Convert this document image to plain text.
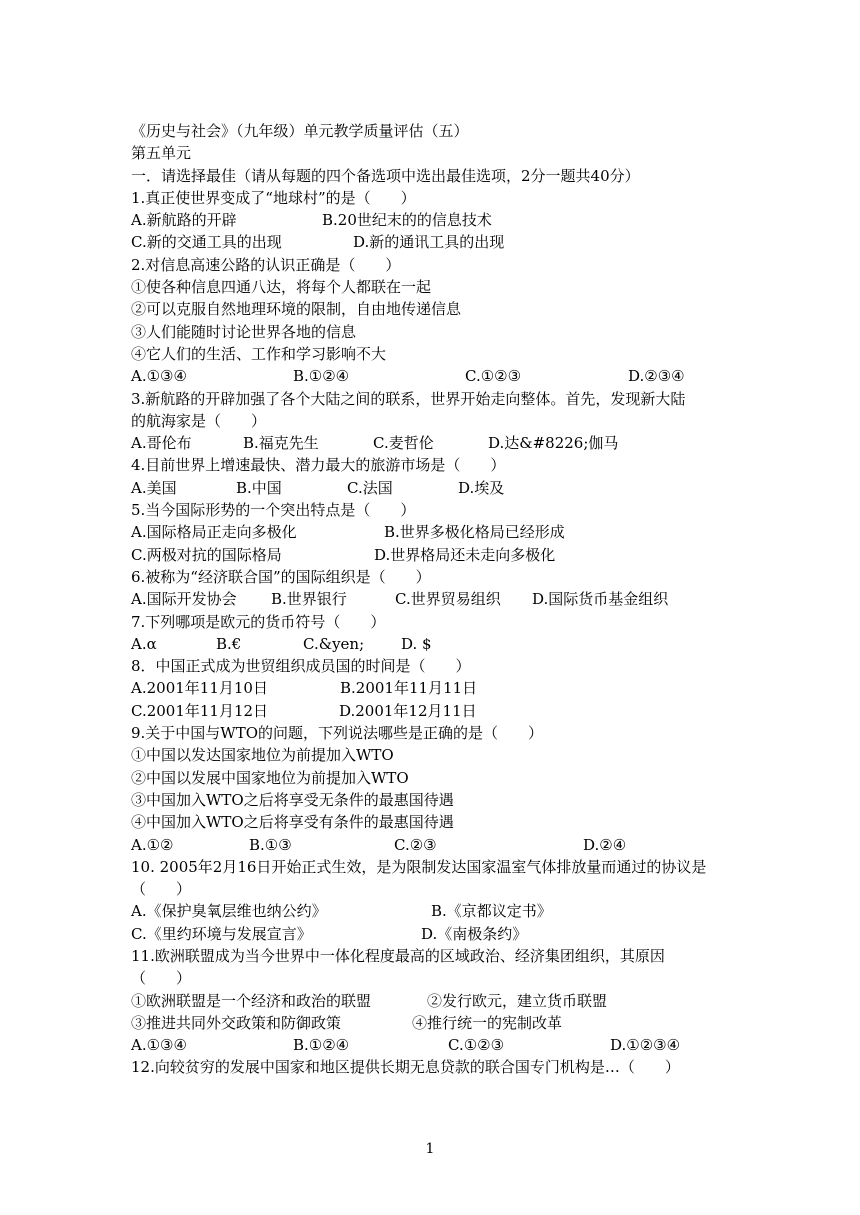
《历史与社会》（九年级）单元教学质量评估（五）
第五单元
一．请选择最佳（请从每题的四个备选项中选出最佳选项，2分一题共40分）
1.真正使世界变成了“地球村”的是（　　）
A.新航路的开辟	B.20世纪末的的信息技术
C.新的交通工具的出现	D.新的通讯工具的出现
2.对信息高速公路的认识正确是（　　）
①使各种信息四通八达，将每个人都联在一起
②可以克服自然地理环境的限制，自由地传递信息
③人们能随时讨论世界各地的信息
④它人们的生活、工作和学习影响不大
A.①③④	B.①②④	C.①②③	D.②③④
3.新航路的开辟加强了各个大陆之间的联系，世界开始走向整体。首先，发现新大陆
的航海家是（　　）
A.哥伦布	B.福克先生	C.麦哲伦	D.达&#8226;伽马
4.目前世界上增速最快、潜力最大的旅游市场是（　　）
A.美国	B.中国	C.法国	D.埃及
5.当今国际形势的一个突出特点是（　　）
A.国际格局正走向多极化	B.世界多极化格局已经形成
C.两极对抗的国际格局	D.世界格局还未走向多极化
6.被称为“经济联合国”的国际组织是（　　）
A.国际开发协会 B.世界银行	C.世界贸易组织 D.国际货币基金组织
7.下列哪项是欧元的货币符号（　　）
A.α	B.€	C.&yen; D. $
8．中国正式成为世贸组织成员国的时间是（　　）
A.2001年11月10日	B.2001年11月11日
C.2001年11月12日	D.2001年12月11日
9.关于中国与WTO的问题，下列说法哪些是正确的是（　　）
①中国以发达国家地位为前提加入WTO
②中国以发展中国家地位为前提加入WTO
③中国加入WTO之后将享受无条件的最惠国待遇
④中国加入WTO之后将享受有条件的最惠国待遇
A.①②	B.①③	C.②③	D.②④
10. 2005年2月16日开始正式生效，是为限制发达国家温室气体排放量而通过的协议是
（　　）
A.《保护臭氧层维也纳公约》	B.《京都议定书》
C.《里约环境与发展宣言》	D.《南极条约》
11.欧洲联盟成为当今世界中一体化程度最高的区域政治、经济集团组织，其原因
（　　）
①欧洲联盟是一个经济和政治的联盟	②发行欧元，建立货币联盟
③推进共同外交政策和防御政策	④推行统一的宪制改革
A.①③④	B.①②④	C.①②③	D.①②③④
12.向较贫穷的发展中国家和地区提供长期无息贷款的联合国专门机构是…（　　）
1
